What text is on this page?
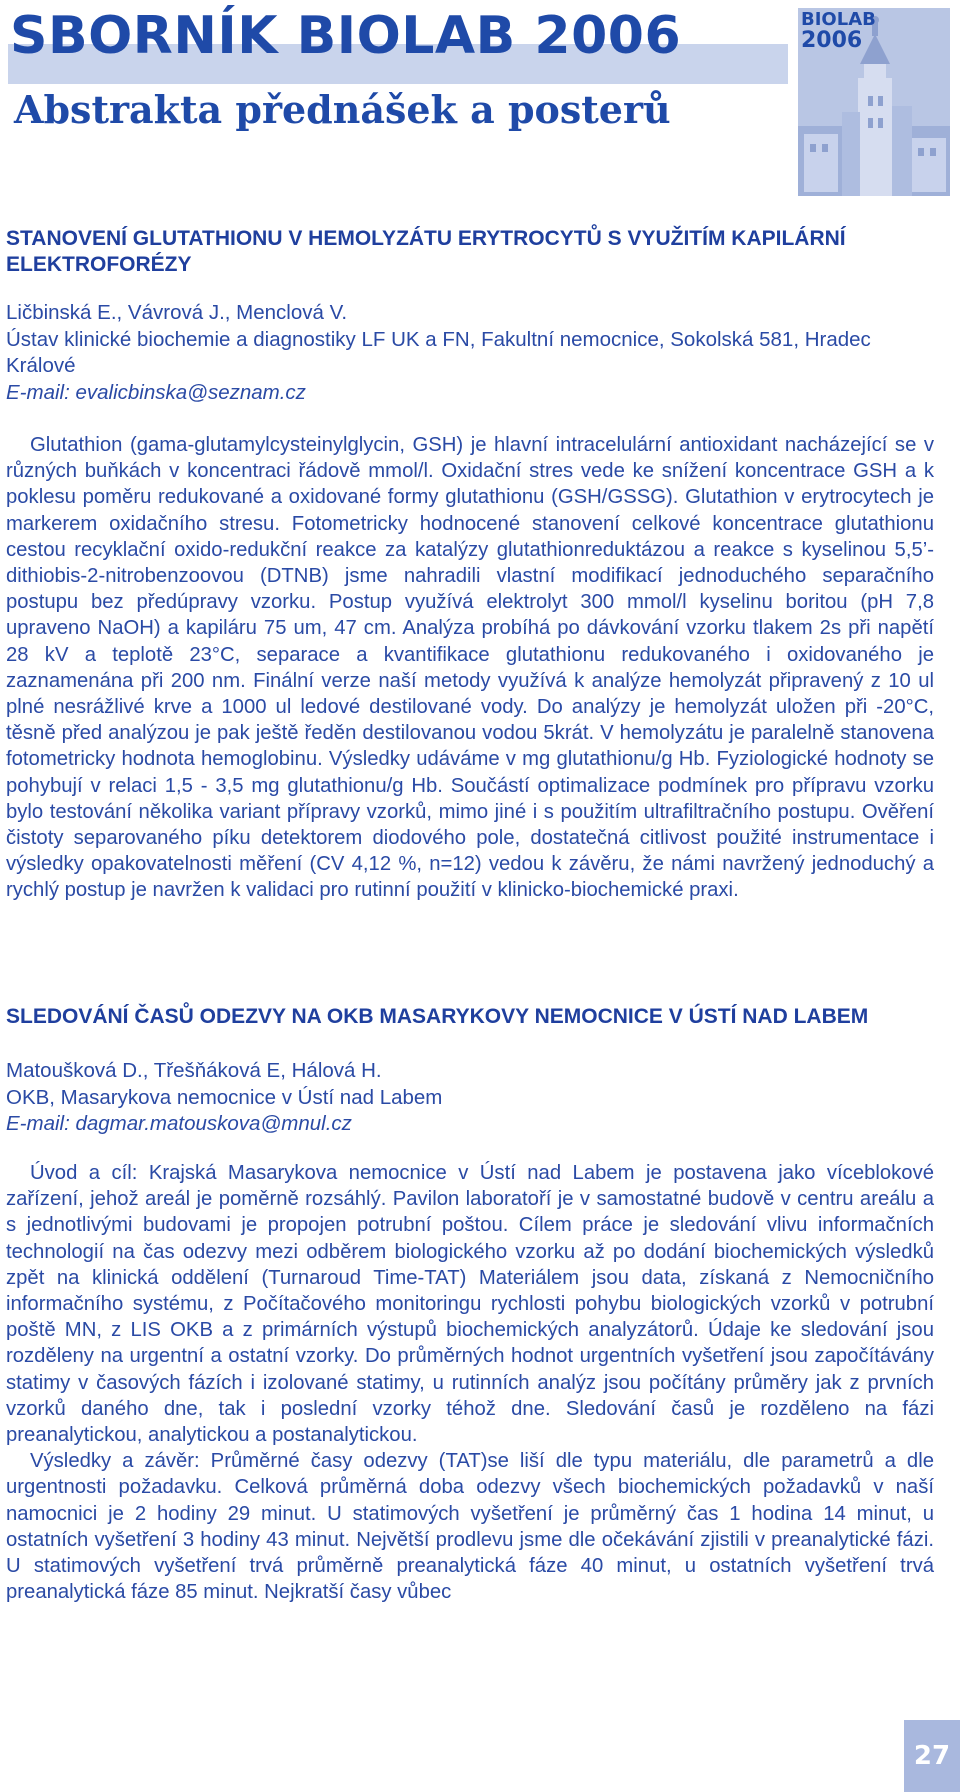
SBORNÍK BIOLAB 2006
Abstrakta přednášek a posterů
BIOLAB
2006
STANOVENÍ GLUTATHIONU V HEMOLYZÁTU ERYTROCYTŮ S VYUŽITÍM KAPILÁRNÍ ELEKTROFORÉZY
Ličbinská E., Vávrová J., Menclová V.
Ústav klinické biochemie a diagnostiky LF UK a FN, Fakultní nemocnice, Sokolská 581, Hradec Králové
E-mail: evalicbinska@seznam.cz

Glutathion (gama-glutamylcysteinylglycin, GSH) je hlavní intracelulární antioxidant nacházející se v různých buňkách v koncentraci řádově mmol/l. Oxidační stres vede ke snížení koncentrace GSH a k poklesu poměru redukované a oxidované formy glutathionu (GSH/GSSG). Glutathion v erytrocytech je markerem oxidačního stresu. Fotometricky hodnocené stanovení celkové koncentrace glutathionu cestou recyklační oxido-redukční reakce za katalýzy glutathionreduktázou a reakce s kyselinou 5,5’-dithiobis-2-nitrobenzoovou (DTNB) jsme nahradili vlastní modifikací jednoduchého separačního postupu bez předúpravy vzorku. Postup využívá elektrolyt 300 mmol/l kyselinu boritou (pH 7,8 upraveno NaOH) a kapiláru 75 um, 47 cm. Analýza probíhá po dávkování vzorku tlakem 2s při napětí 28 kV a teplotě 23°C, separace a kvantifikace glutathionu redukovaného i oxidovaného je zaznamenána při 200 nm. Finální verze naší metody využívá k analýze hemolyzát připravený z 10 ul plné nesrážlivé krve a 1000 ul ledové destilované vody. Do analýzy je hemolyzát uložen při -20°C, těsně před analýzou je pak ještě ředěn destilovanou vodou 5krát. V hemolyzátu je paralelně stanovena fotometricky hodnota hemoglobinu. Výsledky udáváme v mg glutathionu/g Hb. Fyziologické hodnoty se pohybují v relaci 1,5 - 3,5 mg glutathionu/g Hb. Součástí optimalizace podmínek pro přípravu vzorku bylo testování několika variant přípravy vzorků, mimo jiné i s použitím ultrafiltračního postupu. Ověření čistoty separovaného píku detektorem diodového pole, dostatečná citlivost použité instrumentace i výsledky opakovatelnosti měření (CV 4,12 %, n=12) vedou k závěru, že námi navržený jednoduchý a rychlý postup je navržen k validaci pro rutinní použití v klinicko-biochemické praxi.

SLEDOVÁNÍ ČASŮ ODEZVY NA OKB MASARYKOVY NEMOCNICE V ÚSTÍ NAD LABEM
Matoušková D., Třešňáková E, Hálová H.
OKB, Masarykova nemocnice v Ústí nad Labem
E-mail: dagmar.matouskova@mnul.cz

Úvod a cíl: Krajská Masarykova nemocnice v Ústí nad Labem je postavena jako víceblokové zařízení, jehož areál je poměrně rozsáhlý. Pavilon laboratoří je v samostatné budově v centru areálu a s jednotlivými budovami je propojen potrubní poštou. Cílem práce je sledování vlivu informačních technologií na čas odezvy mezi odběrem biologického vzorku až po dodání biochemických výsledků zpět na klinická oddělení (Turnaroud Time-TAT) Materiálem jsou data, získaná z Nemocničního informačního systému, z Počítačového monitoringu rychlosti pohybu biologických vzorků v potrubní poště MN, z LIS OKB a z primárních výstupů biochemických analyzátorů. Údaje ke sledování jsou rozděleny na urgentní a ostatní vzorky. Do průměrných hodnot urgentních vyšetření jsou započítávány statimy v časových fázích i izolované statimy, u rutinních analýz jsou počítány průměry jak z prvních vzorků daného dne, tak i poslední vzorky téhož dne. Sledování časů je rozděleno na fázi preanalytickou, analytickou a postanalytickou.

Výsledky a závěr: Průměrné časy odezvy (TAT)se liší dle typu materiálu, dle parametrů a dle urgentnosti požadavku. Celková průměrná doba odezvy všech biochemických požadavků v naší namocnici je 2 hodiny 29 minut. U statimových vyšetření je průměrný čas 1 hodina 14 minut, u ostatních vyšetření 3 hodiny 43 minut. Největší prodlevu jsme dle očekávání zjistili v preanalytické fázi. U statimových vyšetření trvá průměrně preanalytická fáze 40 minut, u ostatních vyšetření trvá preanalytická fáze 85 minut. Nejkratší časy vůbec

27
